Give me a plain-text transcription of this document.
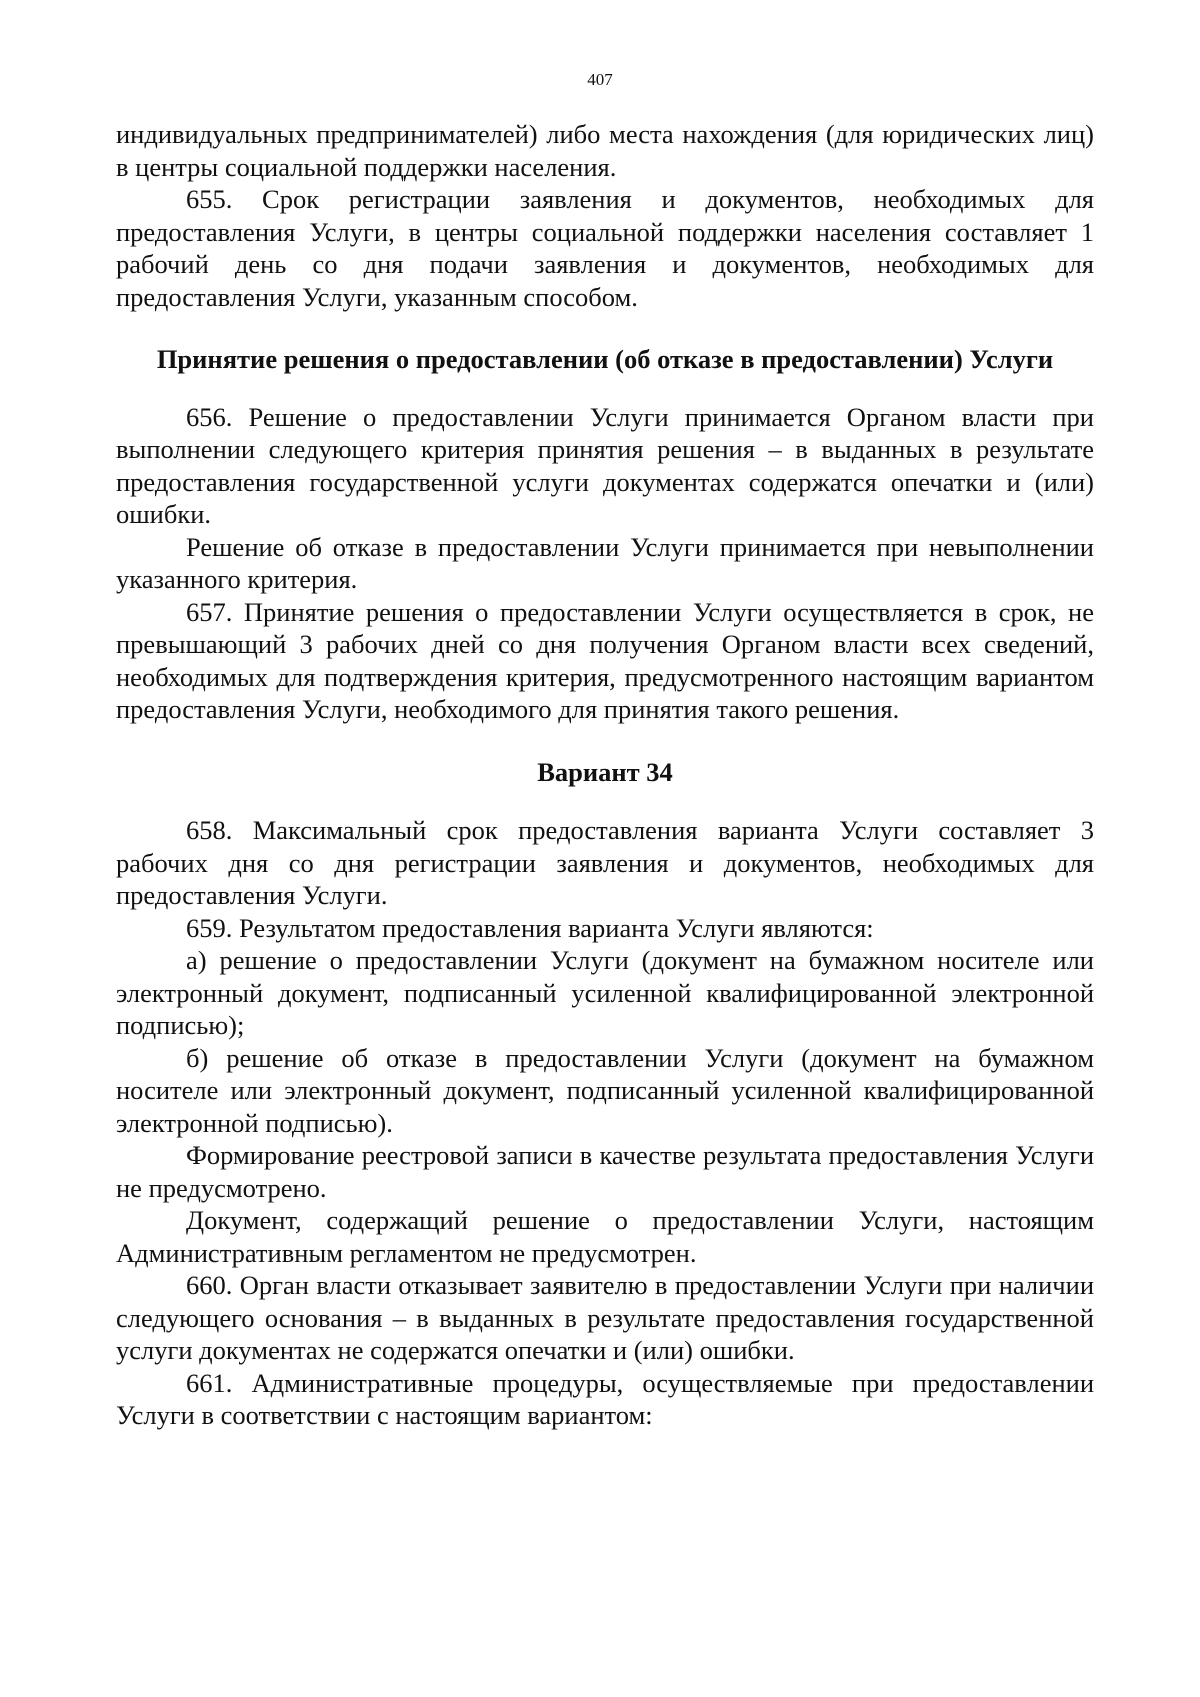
407

индивидуальных предпринимателей) либо места нахождения (для юридических лиц) в центры социальной поддержки населения.

655. Срок регистрации заявления и документов, необходимых для предоставления Услуги, в центры социальной поддержки населения составляет 1 рабочий день со дня подачи заявления и документов, необходимых для предоставления Услуги, указанным способом.

Принятие решения о предоставлении (об отказе в предоставлении) Услуги

656. Решение о предоставлении Услуги принимается Органом власти при выполнении следующего критерия принятия решения – в выданных в результате предоставления государственной услуги документах содержатся опечатки и (или) ошибки.

Решение об отказе в предоставлении Услуги принимается при невыполнении указанного критерия.

657. Принятие решения о предоставлении Услуги осуществляется в срок, не превышающий 3 рабочих дней со дня получения Органом власти всех сведений, необходимых для подтверждения критерия, предусмотренного настоящим вариантом предоставления Услуги, необходимого для принятия такого решения.

Вариант 34

658. Максимальный срок предоставления варианта Услуги составляет 3 рабочих дня со дня регистрации заявления и документов, необходимых для предоставления Услуги.

659. Результатом предоставления варианта Услуги являются:

а) решение о предоставлении Услуги (документ на бумажном носителе или электронный документ, подписанный усиленной квалифицированной электронной подписью);

б) решение об отказе в предоставлении Услуги (документ на бумажном носителе или электронный документ, подписанный усиленной квалифицированной электронной подписью).

Формирование реестровой записи в качестве результата предоставления Услуги не предусмотрено.

Документ, содержащий решение о предоставлении Услуги, настоящим Административным регламентом не предусмотрен.

660. Орган власти отказывает заявителю в предоставлении Услуги при наличии следующего основания – в выданных в результате предоставления государственной услуги документах не содержатся опечатки и (или) ошибки.

661. Административные процедуры, осуществляемые при предоставлении Услуги в соответствии с настоящим вариантом:
